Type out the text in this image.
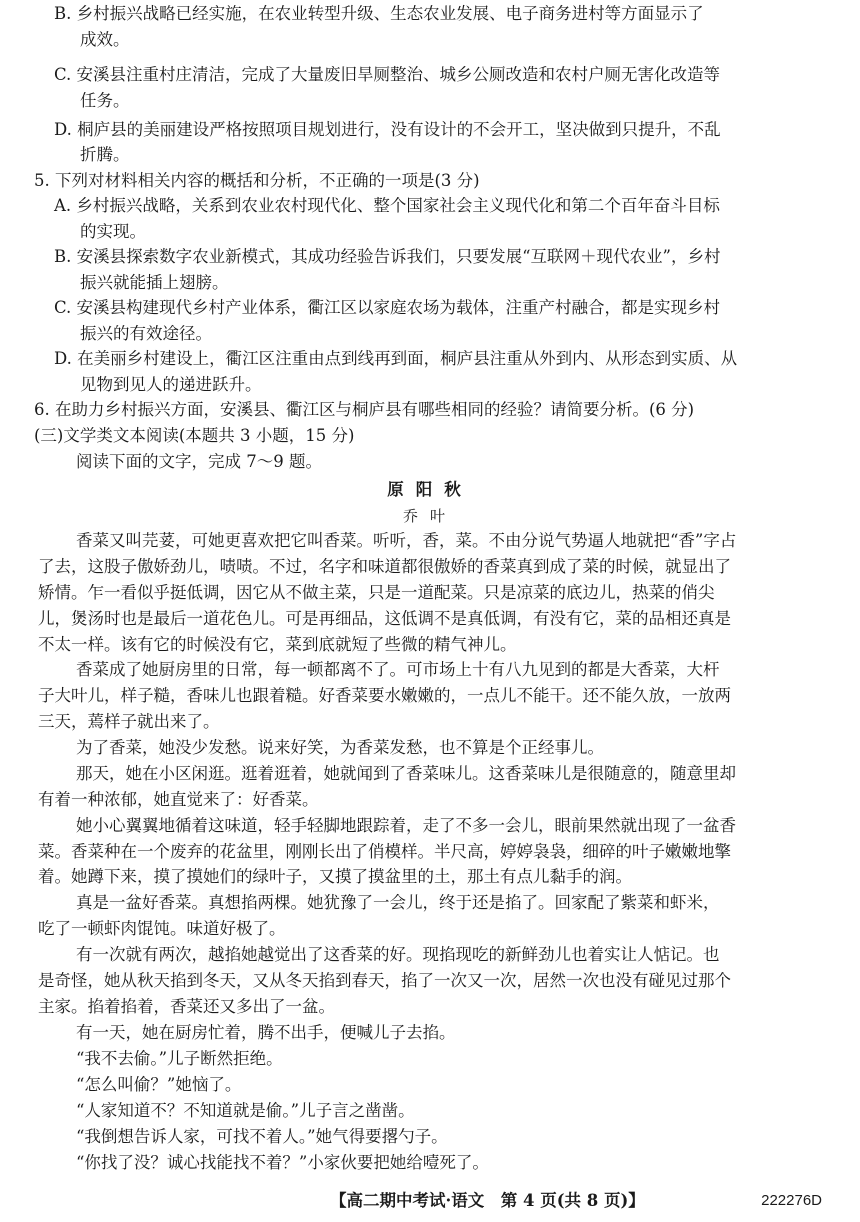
B. 乡村振兴战略已经实施，在农业转型升级、生态农业发展、电子商务进村等方面显示了
成效。
C. 安溪县注重村庄清洁，完成了大量废旧旱厕整治、城乡公厕改造和农村户厕无害化改造等
任务。
D. 桐庐县的美丽建设严格按照项目规划进行，没有设计的不会开工，坚决做到只提升，不乱
折腾。
5. 下列对材料相关内容的概括和分析，不正确的一项是(3 分)
A. 乡村振兴战略，关系到农业农村现代化、整个国家社会主义现代化和第二个百年奋斗目标
的实现。
B. 安溪县探索数字农业新模式，其成功经验告诉我们，只要发展“互联网＋现代农业”，乡村
振兴就能插上翅膀。
C. 安溪县构建现代乡村产业体系，衢江区以家庭农场为载体，注重产村融合，都是实现乡村
振兴的有效途径。
D. 在美丽乡村建设上，衢江区注重由点到线再到面，桐庐县注重从外到内、从形态到实质、从
见物到见人的递进跃升。
6. 在助力乡村振兴方面，安溪县、衢江区与桐庐县有哪些相同的经验？请简要分析。(6 分)
(三)文学类文本阅读(本题共 3 小题，15 分)
阅读下面的文字，完成 7～9 题。
原阳秋
乔叶
香菜又叫芫荽，可她更喜欢把它叫香菜。听听，香，菜。不由分说气势逼人地就把“香”字占
了去，这股子傲娇劲儿，啧啧。不过，名字和味道都很傲娇的香菜真到成了菜的时候，就显出了
矫情。乍一看似乎挺低调，因它从不做主菜，只是一道配菜。只是凉菜的底边儿，热菜的俏尖
儿，煲汤时也是最后一道花色儿。可是再细品，这低调不是真低调，有没有它，菜的品相还真是
不太一样。该有它的时候没有它，菜到底就短了些微的精气神儿。
香菜成了她厨房里的日常，每一顿都离不了。可市场上十有八九见到的都是大香菜，大杆
子大叶儿，样子糙，香味儿也跟着糙。好香菜要水嫩嫩的，一点儿不能干。还不能久放，一放两
三天，蔫样子就出来了。
为了香菜，她没少发愁。说来好笑，为香菜发愁，也不算是个正经事儿。
那天，她在小区闲逛。逛着逛着，她就闻到了香菜味儿。这香菜味儿是很随意的，随意里却
有着一种浓郁，她直觉来了：好香菜。
她小心翼翼地循着这味道，轻手轻脚地跟踪着，走了不多一会儿，眼前果然就出现了一盆香
菜。香菜种在一个废弃的花盆里，刚刚长出了俏模样。半尺高，婷婷袅袅，细碎的叶子嫩嫩地擎
着。她蹲下来，摸了摸她们的绿叶子，又摸了摸盆里的土，那土有点儿黏手的润。
真是一盆好香菜。真想掐两棵。她犹豫了一会儿，终于还是掐了。回家配了紫菜和虾米，
吃了一顿虾肉馄饨。味道好极了。
有一次就有两次，越掐她越觉出了这香菜的好。现掐现吃的新鲜劲儿也着实让人惦记。也
是奇怪，她从秋天掐到冬天，又从冬天掐到春天，掐了一次又一次，居然一次也没有碰见过那个
主家。掐着掐着，香菜还又多出了一盆。
有一天，她在厨房忙着，腾不出手，便喊儿子去掐。
“我不去偷。”儿子断然拒绝。
“怎么叫偷？”她恼了。
“人家知道不？不知道就是偷。”儿子言之凿凿。
“我倒想告诉人家，可找不着人。”她气得要撂勺子。
“你找了没？诚心找能找不着？”小家伙要把她给噎死了。
【高二期中考试·语文　第 4 页(共 8 页)】	222276D
